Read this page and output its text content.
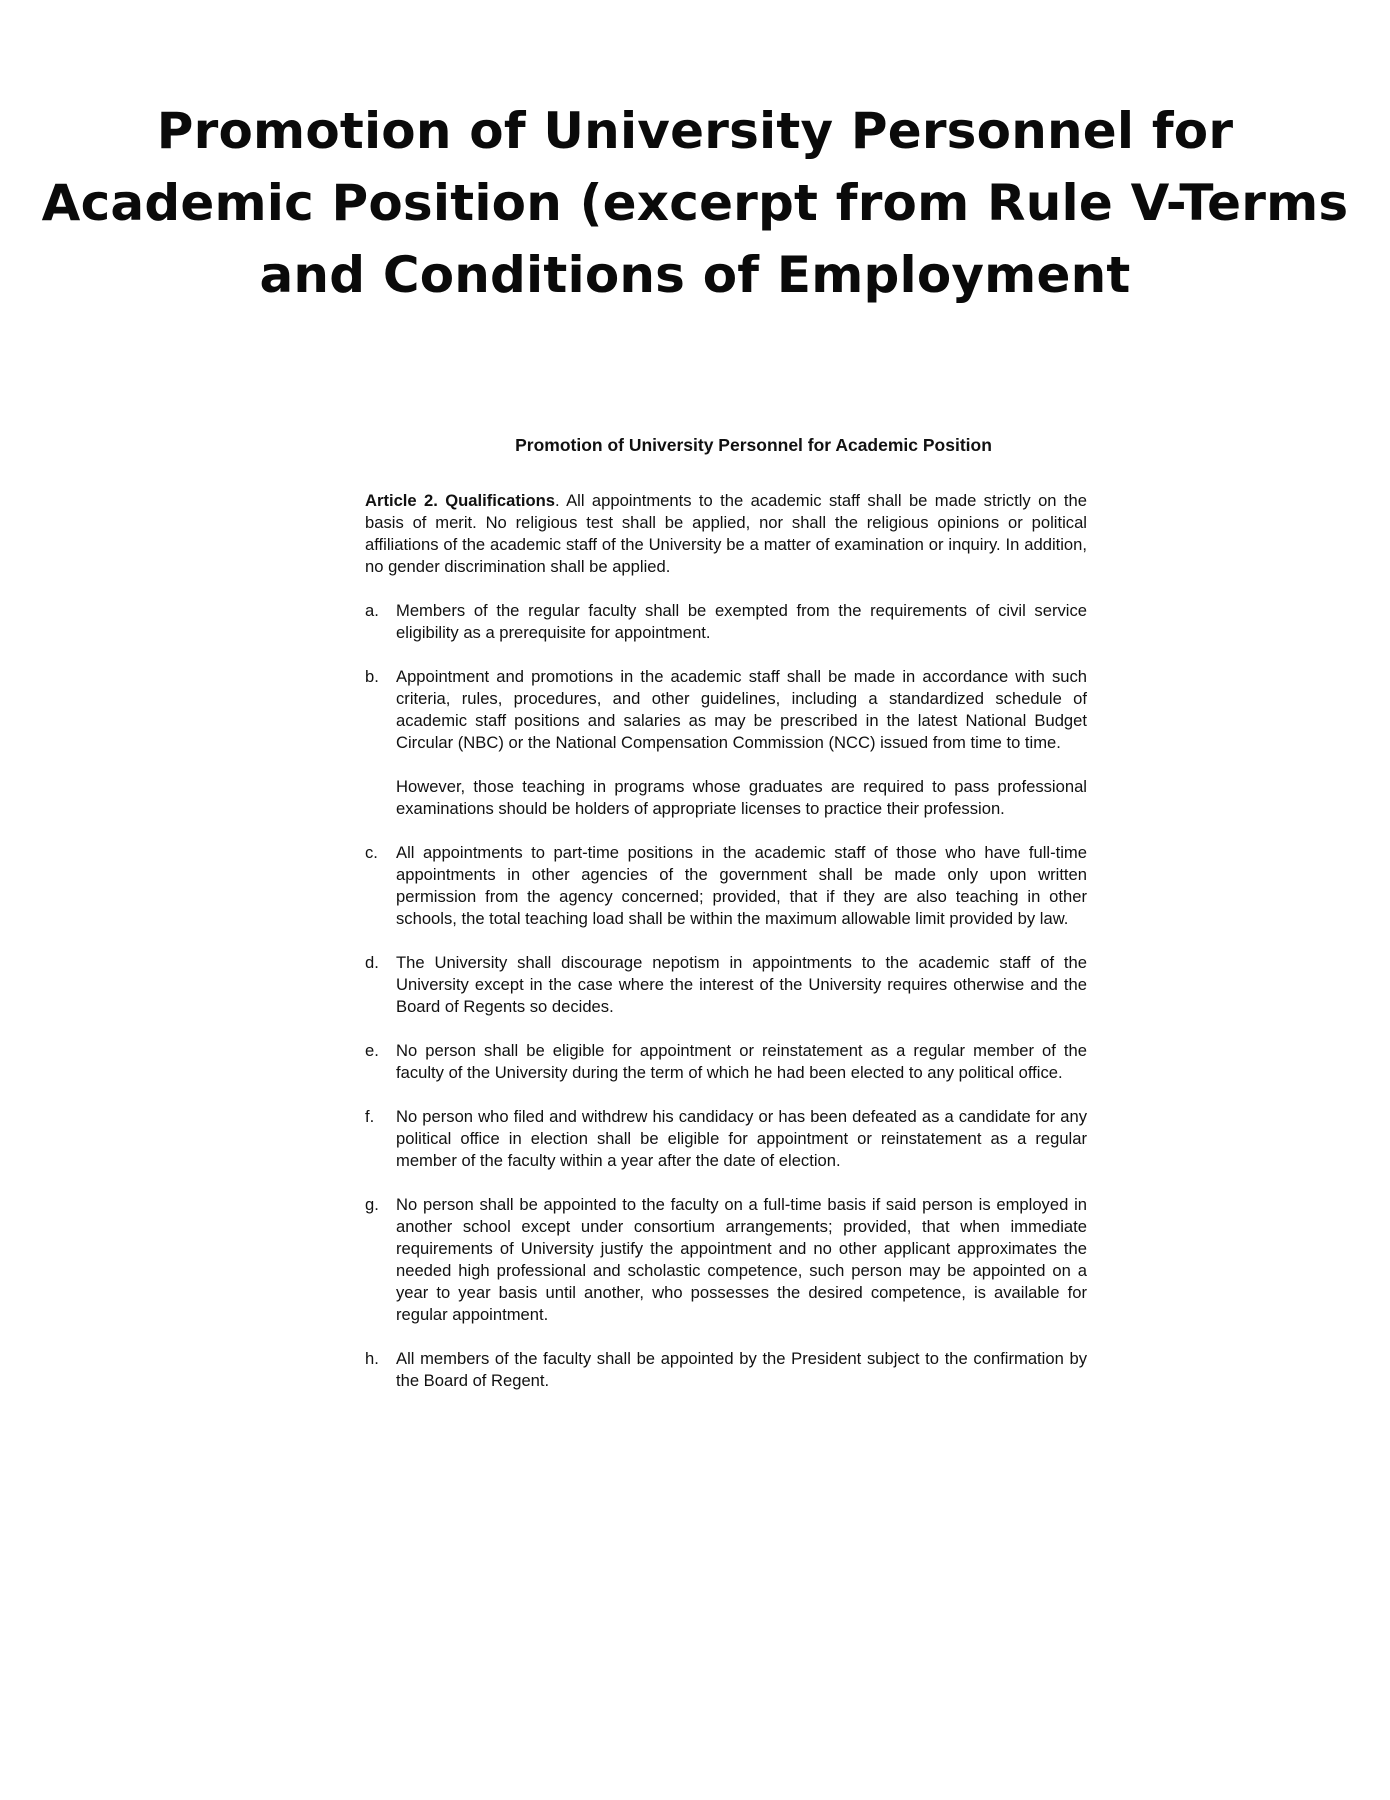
Promotion of University Personnel for Academic Position (excerpt from Rule V-Terms and Conditions of Employment
Promotion of University Personnel for Academic Position

Article 2. Qualifications. All appointments to the academic staff shall be made strictly on the basis of merit. No religious test shall be applied, nor shall the religious opinions or political affiliations of the academic staff of the University be a matter of examination or inquiry. In addition, no gender discrimination shall be applied.

a. Members of the regular faculty shall be exempted from the requirements of civil service eligibility as a prerequisite for appointment.

b. Appointment and promotions in the academic staff shall be made in accordance with such criteria, rules, procedures, and other guidelines, including a standardized schedule of academic staff positions and salaries as may be prescribed in the latest National Budget Circular (NBC) or the National Compensation Commission (NCC) issued from time to time.

However, those teaching in programs whose graduates are required to pass professional examinations should be holders of appropriate licenses to practice their profession.

c. All appointments to part-time positions in the academic staff of those who have full-time appointments in other agencies of the government shall be made only upon written permission from the agency concerned; provided, that if they are also teaching in other schools, the total teaching load shall be within the maximum allowable limit provided by law.

d. The University shall discourage nepotism in appointments to the academic staff of the University except in the case where the interest of the University requires otherwise and the Board of Regents so decides.

e. No person shall be eligible for appointment or reinstatement as a regular member of the faculty of the University during the term of which he had been elected to any political office.

f. No person who filed and withdrew his candidacy or has been defeated as a candidate for any political office in election shall be eligible for appointment or reinstatement as a regular member of the faculty within a year after the date of election.

g. No person shall be appointed to the faculty on a full-time basis if said person is employed in another school except under consortium arrangements; provided, that when immediate requirements of University justify the appointment and no other applicant approximates the needed high professional and scholastic competence, such person may be appointed on a year to year basis until another, who possesses the desired competence, is available for regular appointment.

h. All members of the faculty shall be appointed by the President subject to the confirmation by the Board of Regent.
